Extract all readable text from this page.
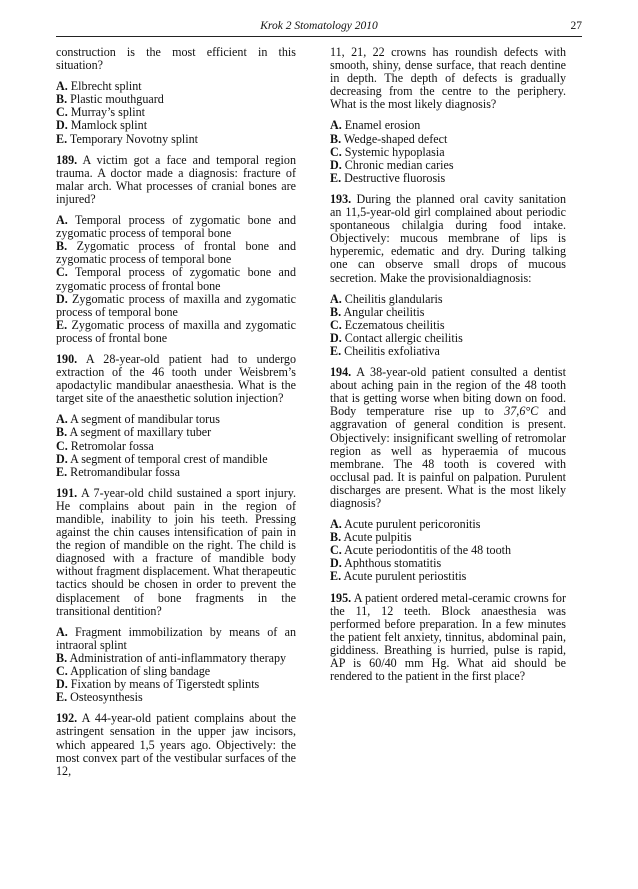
Krok 2 Stomatology 2010	27

construction is the most efficient in this situation?

A. Elbrecht splint
B. Plastic mouthguard
C. Murray’s splint
D. Mamlock splint
E. Temporary Novotny splint

189. A victim got a face and temporal region trauma. A doctor made a diagnosis: fracture of malar arch. What processes of cranial bones are injured?

A. Temporal process of zygomatic bone and zygomatic process of temporal bone
B. Zygomatic process of frontal bone and zygomatic process of temporal bone
C. Temporal process of zygomatic bone and zygomatic process of frontal bone
D. Zygomatic process of maxilla and zygomatic process of temporal bone
E. Zygomatic process of maxilla and zygomatic process of frontal bone

190. A 28-year-old patient had to undergo extraction of the 46 tooth under Weisbrem’s apodactylic mandibular anaesthesia. What is the target site of the anaesthetic solution injection?

A. A segment of mandibular torus
B. A segment of maxillary tuber
C. Retromolar fossa
D. A segment of temporal crest of mandible
E. Retromandibular fossa

191. A 7-year-old child sustained a sport injury. He complains about pain in the region of mandible, inability to join his teeth. Pressing against the chin causes intensification of pain in the region of mandible on the right. The child is diagnosed with a fracture of mandible body without fragment displacement. What therapeutic tactics should be chosen in order to prevent the displacement of bone fragments in the transitional dentition?

A. Fragment immobilization by means of an intraoral splint
B. Administration of anti-inflammatory therapy
C. Application of sling bandage
D. Fixation by means of Tigerstedt splints
E. Osteosynthesis

192. A 44-year-old patient complains about the astringent sensation in the upper jaw incisors, which appeared 1,5 years ago. Objectively: the most convex part of the vestibular surfaces of the 12,

11, 21, 22 crowns has roundish defects with smooth, shiny, dense surface, that reach dentine in depth. The depth of defects is gradually decreasing from the centre to the periphery. What is the most likely diagnosis?

A. Enamel erosion
B. Wedge-shaped defect
C. Systemic hypoplasia
D. Chronic median caries
E. Destructive fluorosis

193. During the planned oral cavity sanitation an 11,5-year-old girl complained about periodic spontaneous chilalgia during food intake. Objectively: mucous membrane of lips is hyperemic, edematic and dry. During talking one can observe small drops of mucous secretion. Make the provisionaldiagnosis:

A. Cheilitis glandularis
B. Angular cheilitis
C. Eczematous cheilitis
D. Contact allergic cheilitis
E. Cheilitis exfoliativa

194. A 38-year-old patient consulted a dentist about aching pain in the region of the 48 tooth that is getting worse when biting down on food. Body temperature rise up to 37,6°C and aggravation of general condition is present. Objectively: insignificant swelling of retromolar region as well as hyperaemia of mucous membrane. The 48 tooth is covered with occlusal pad. It is painful on palpation. Purulent discharges are present. What is the most likely diagnosis?

A. Acute purulent pericoronitis
B. Acute pulpitis
C. Acute periodontitis of the 48 tooth
D. Aphthous stomatitis
E. Acute purulent periostitis

195. A patient ordered metal-ceramic crowns for the 11, 12 teeth. Block anaesthesia was performed before preparation. In a few minutes the patient felt anxiety, tinnitus, abdominal pain, giddiness. Breathing is hurried, pulse is rapid, AP is 60/40 mm Hg. What aid should be rendered to the patient in the first place?
